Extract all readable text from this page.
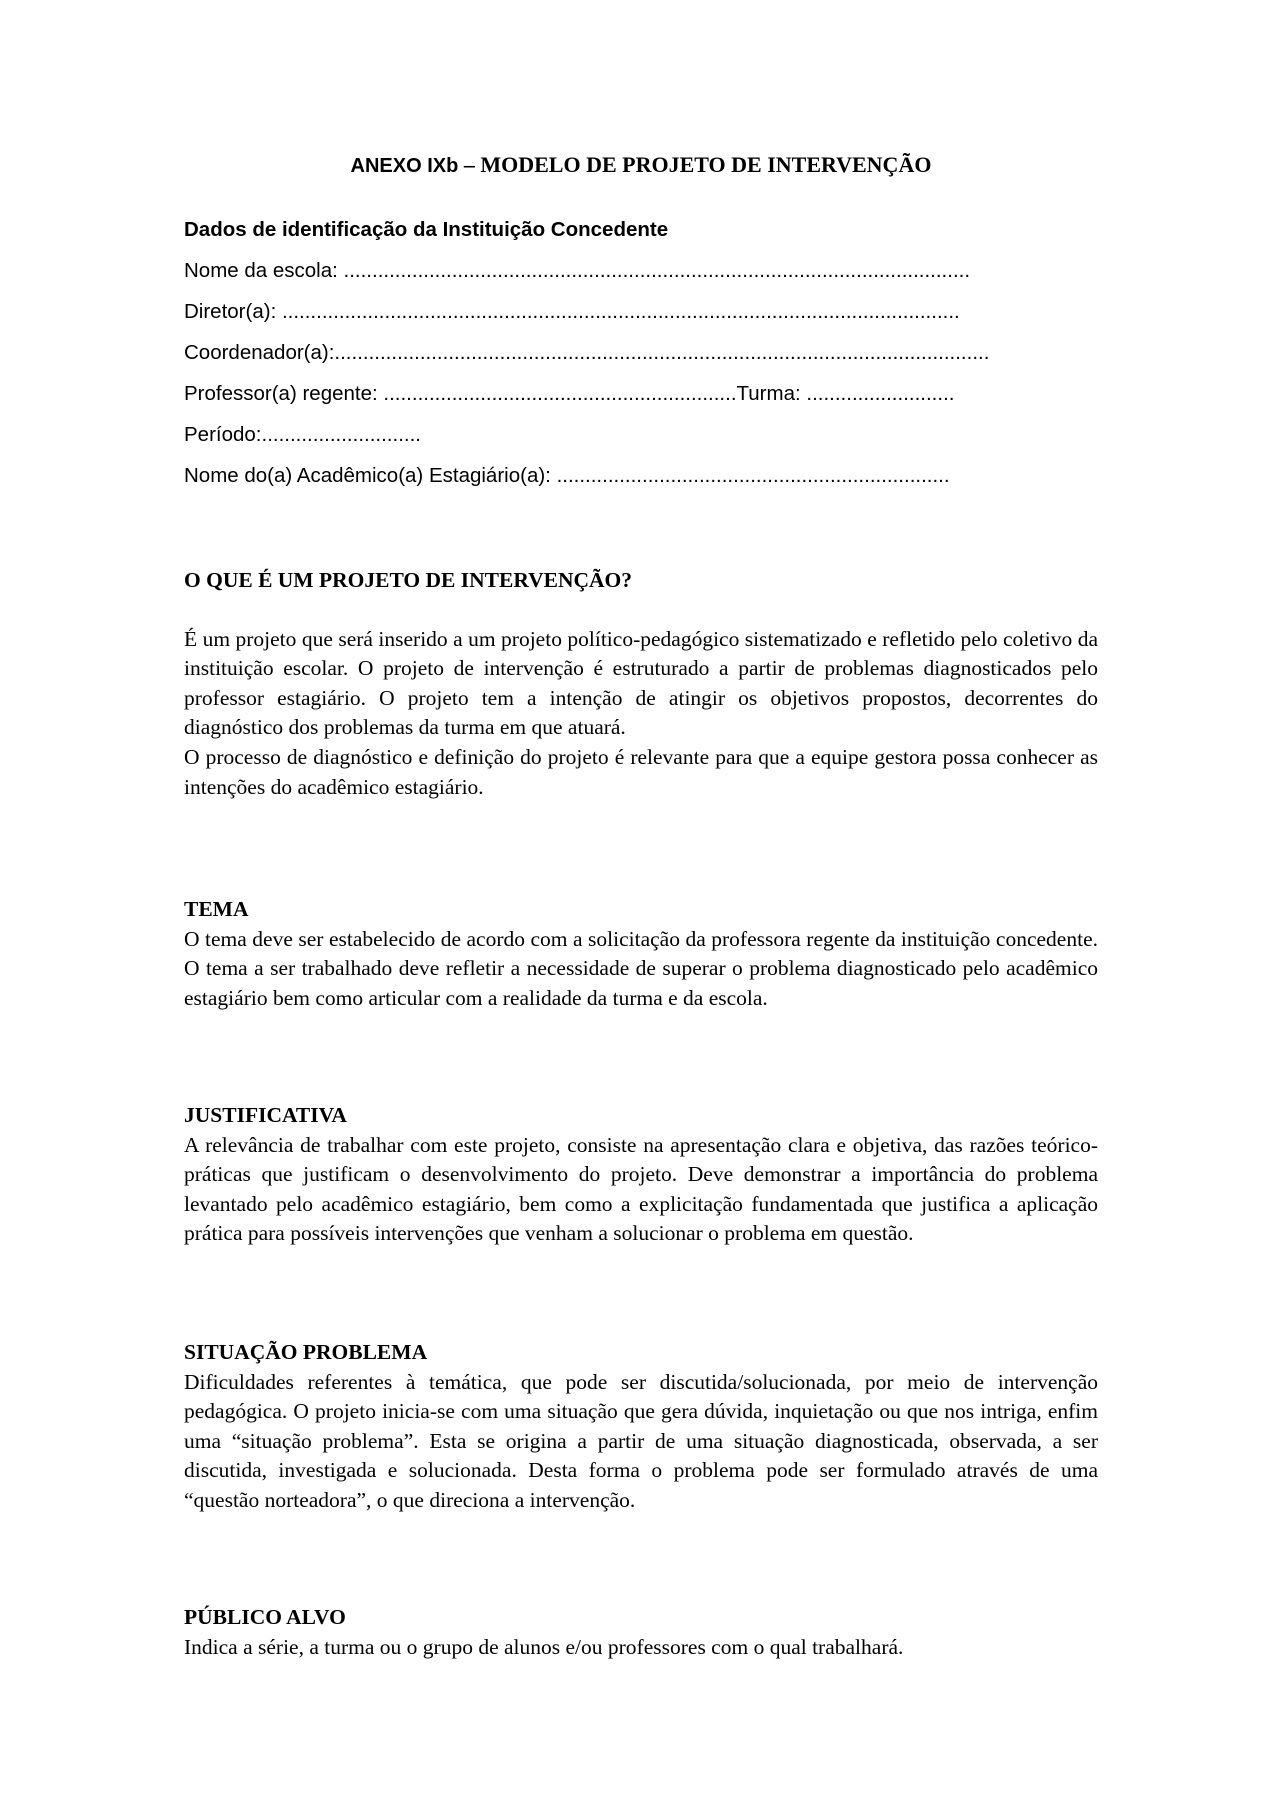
ANEXO IXb – MODELO DE PROJETO DE INTERVENÇÃO
Dados de identificação da Instituição Concedente
Nome da escola: ..............................................................................................................
Diretor(a): .......................................................................................................................
Coordenador(a):...................................................................................................................
Professor(a) regente: ..............................................................Turma: ..........................
Período:............................
Nome do(a) Acadêmico(a) Estagiário(a): .....................................................................
O QUE É UM PROJETO DE INTERVENÇÃO?

É um projeto que será inserido a um projeto político-pedagógico sistematizado e refletido pelo coletivo da instituição escolar. O projeto de intervenção é estruturado a partir de problemas diagnosticados pelo professor estagiário. O projeto tem a intenção de atingir os objetivos propostos, decorrentes do diagnóstico dos problemas da turma em que atuará.

O processo de diagnóstico e definição do projeto é relevante para que a equipe gestora possa conhecer as intenções do acadêmico estagiário.

TEMA

O tema deve ser estabelecido de acordo com a solicitação da professora regente da instituição concedente. O tema a ser trabalhado deve refletir a necessidade de superar o problema diagnosticado pelo acadêmico estagiário bem como articular com a realidade da turma e da escola.

JUSTIFICATIVA

A relevância de trabalhar com este projeto, consiste na apresentação clara e objetiva, das razões teórico-práticas que justificam o desenvolvimento do projeto. Deve demonstrar a importância do problema levantado pelo acadêmico estagiário, bem como a explicitação fundamentada que justifica a aplicação prática para possíveis intervenções que venham a solucionar o problema em questão.

SITUAÇÃO PROBLEMA

Dificuldades referentes à temática, que pode ser discutida/solucionada, por meio de intervenção pedagógica. O projeto inicia-se com uma situação que gera dúvida, inquietação ou que nos intriga, enfim uma “situação problema”. Esta se origina a partir de uma situação diagnosticada, observada, a ser discutida, investigada e solucionada. Desta forma o problema pode ser formulado através de uma “questão norteadora”, o que direciona a intervenção.

PÚBLICO ALVO

Indica a série, a turma ou o grupo de alunos e/ou professores com o qual trabalhará.
